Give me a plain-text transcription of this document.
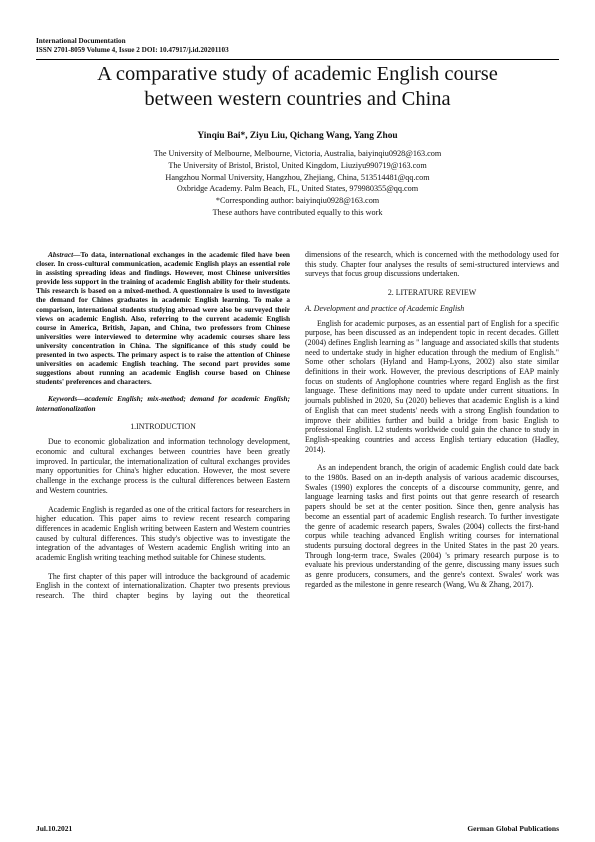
International Documentation
ISSN 2701-8059 Volume 4, Issue 2 DOI: 10.47917/j.id.20201103
A comparative study of academic English course
between western countries and China
Yinqiu Bai*, Ziyu Liu, Qichang Wang, Yang Zhou
The University of Melbourne, Melbourne, Victoria, Australia, baiyinqiu0928@163.com
The University of Bristol, Bristol, United Kingdom, Liuziyu990719@163.com
Hangzhou Normal University, Hangzhou, Zhejiang, China, 513514481@qq.com
Oxbridge Academy. Palm Beach, FL, United States, 979980355@qq.com
*Corresponding author: baiyinqiu0928@163.com
These authors have contributed equally to this work

Abstract—To data, international exchanges in the academic filed have been closer. In cross-cultural communication, academic English plays an essential role in assisting spreading ideas and findings. However, most Chinese universities provide less support in the training of academic English ability for their students. This research is based on a mixed-method. A questionnaire is used to investigate the demand for Chines graduates in academic English learning. To make a comparison, international students studying abroad were also be surveyed their views on academic English. Also, referring to the current academic English course in America, British, Japan, and China, two professors from Chinese universities were interviewed to determine why academic courses share less university concentration in China. The significance of this study could be presented in two aspects. The primary aspect is to raise the attention of Chinese universities on academic English teaching. The second part provides some suggestions about running an academic English course based on Chinese students' preferences and characters.

Keywords—academic English; mix-method; demand for academic English; internationalization

1.INTRODUCTION

Due to economic globalization and information technology development, economic and cultural exchanges between countries have been greatly improved. In particular, the internationalization of cultural exchanges provides many opportunities for China's higher education. However, the most severe challenge in the exchange process is the cultural differences between Eastern and Western countries.

Academic English is regarded as one of the critical factors for researchers in higher education. This paper aims to review recent research comparing differences in academic English writing between Eastern and Western countries caused by cultural differences. This study's objective was to investigate the integration of the advantages of Western academic English writing into an academic English writing teaching method suitable for Chinese students.

The first chapter of this paper will introduce the background of academic English in the context of internationalization. Chapter two presents previous research. The third chapter begins by laying out the theoretical

dimensions of the research, which is concerned with the methodology used for this study. Chapter four analyses the results of semi-structured interviews and surveys that focus group discussions undertaken.

2. LITERATURE REVIEW

A. Development and practice of Academic English

English for academic purposes, as an essential part of English for a specific purpose, has been discussed as an independent topic in recent decades. Gillett (2004) defines English learning as " language and associated skills that students need to undertake study in higher education through the medium of English." Some other scholars (Hyland and Hamp-Lyons, 2002) also state similar definitions in their work. However, the previous descriptions of EAP mainly focus on students of Anglophone countries where regard English as the first language. These definitions may need to update under current situations. In journals published in 2020, Su (2020) believes that academic English is a kind of English that can meet students' needs with a strong English foundation to improve their abilities further and build a bridge from basic English to professional English. L2 students worldwide could gain the chance to study in English-speaking countries and access English tertiary education (Hadley, 2014).

As an independent branch, the origin of academic English could date back to the 1980s. Based on an in-depth analysis of various academic discourses, Swales (1990) explores the concepts of a discourse community, genre, and language learning tasks and first points out that genre research of research papers should be set at the center position. Since then, genre analysis has become an essential part of academic English research. To further investigate the genre of academic research papers, Swales (2004) collects the first-hand corpus while teaching advanced English writing courses for international students pursuing doctoral degrees in the United States in the past 20 years. Through long-term trace, Swales (2004) 's primary research purpose is to evaluate his previous understanding of the genre, discussing many issues such as genre producers, consumers, and the genre's context. Swales' work was regarded as the milestone in genre research (Wang, Wu & Zhang, 2017).

Jul.10.2021	German Global Publications
